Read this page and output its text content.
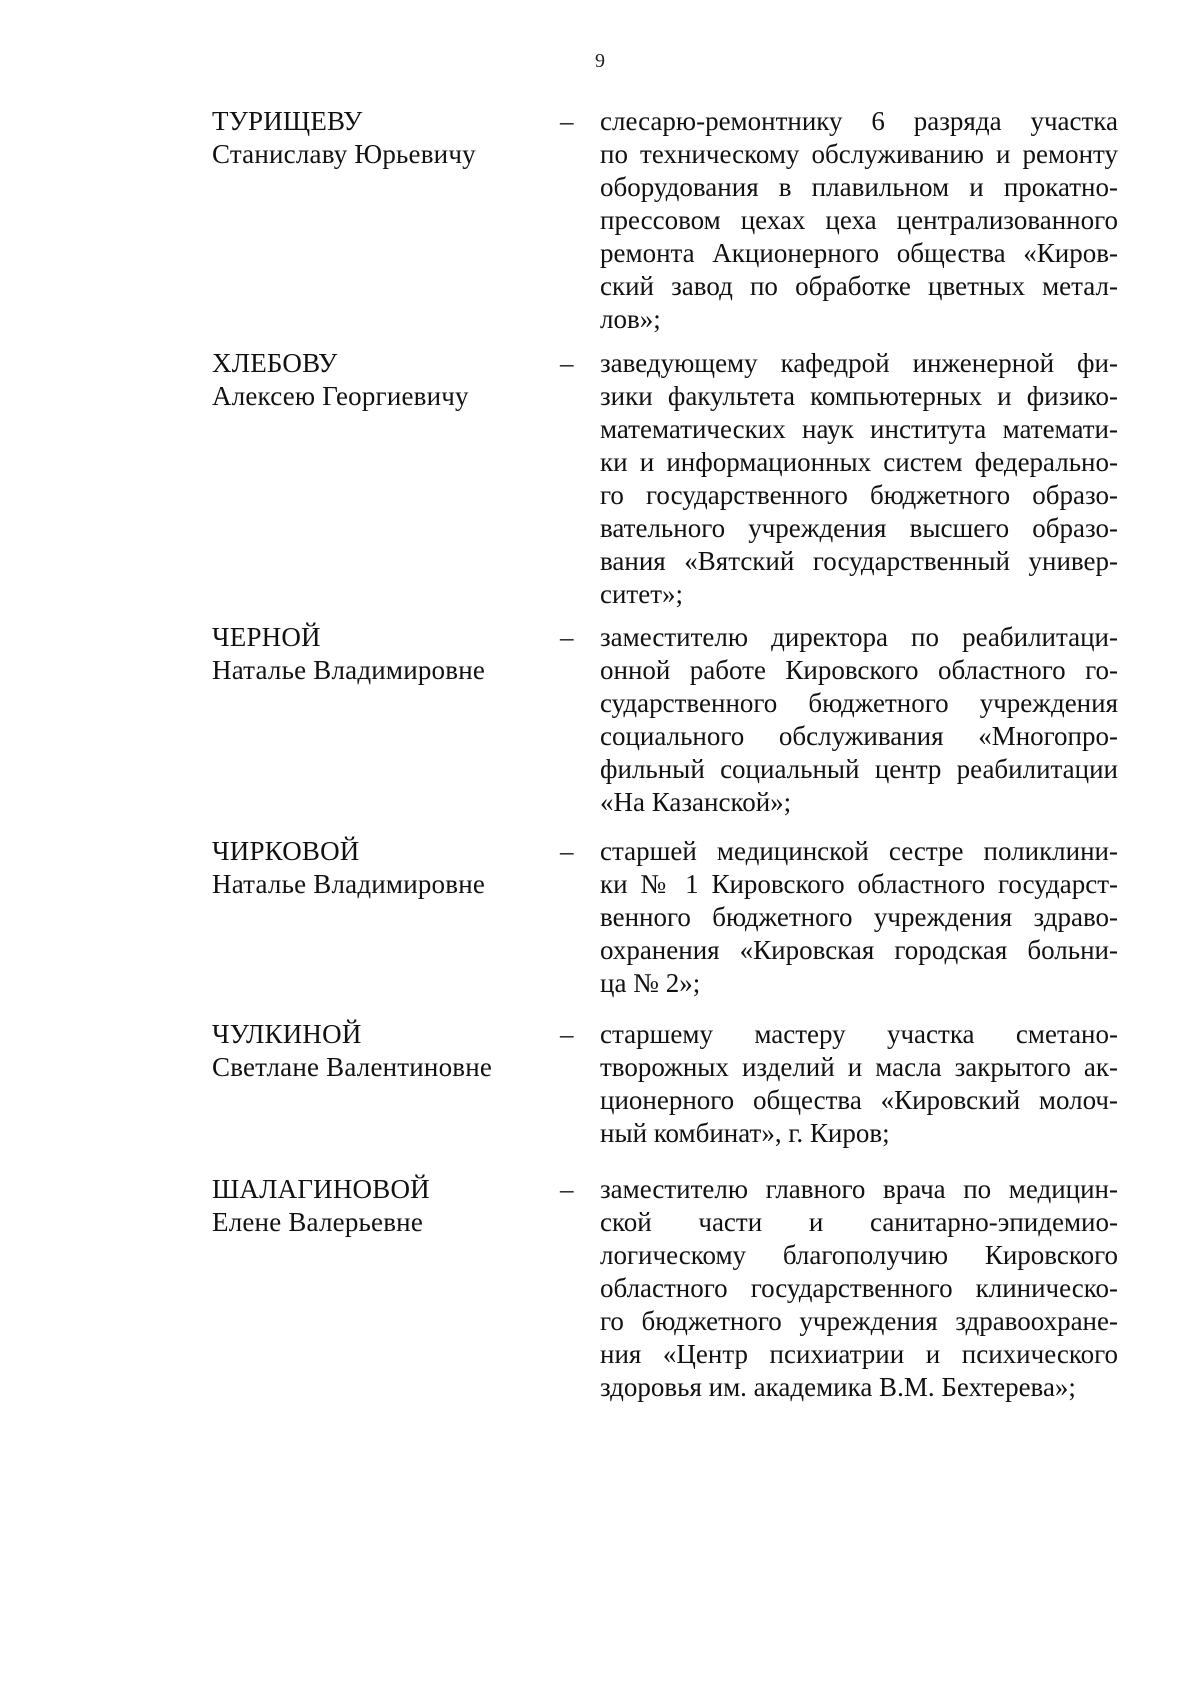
9
ТУРИЩЕВУ
Станиславу Юрьевичу
– слесарю-ремонтнику 6 разряда участка
по техническому обслуживанию и ремонту
оборудования в плавильном и прокатно-
прессовом цехах цеха централизованного
ремонта Акционерного общества «Киров-
ский завод по обработке цветных метал-
лов»;
ХЛЕБОВУ
Алексею Георгиевичу
– заведующему кафедрой инженерной фи-
зики факультета компьютерных и физико-
математических наук института математи-
ки и информационных систем федерально-
го государственного бюджетного образо-
вательного учреждения высшего образо-
вания «Вятский государственный универ-
ситет»;
ЧЕРНОЙ
Наталье Владимировне
– заместителю директора по реабилитаци-
онной работе Кировского областного го-
сударственного бюджетного учреждения
социального обслуживания «Многопро-
фильный социальный центр реабилитации
«На Казанской»;
ЧИРКОВОЙ
Наталье Владимировне
– старшей медицинской сестре поликлини-
ки № 1 Кировского областного государст-
венного бюджетного учреждения здраво-
охранения «Кировская городская больни-
ца № 2»;
ЧУЛКИНОЙ
Светлане Валентиновне
– старшему мастеру участка сметано-
творожных изделий и масла закрытого ак-
ционерного общества «Кировский молоч-
ный комбинат», г. Киров;
ШАЛАГИНОВОЙ
Елене Валерьевне
– заместителю главного врача по медицин-
ской части и санитарно-эпидемио-
логическому благополучию Кировского
областного государственного клиническо-
го бюджетного учреждения здравоохране-
ния «Центр психиатрии и психического
здоровья им. академика В.М. Бехтерева»;
